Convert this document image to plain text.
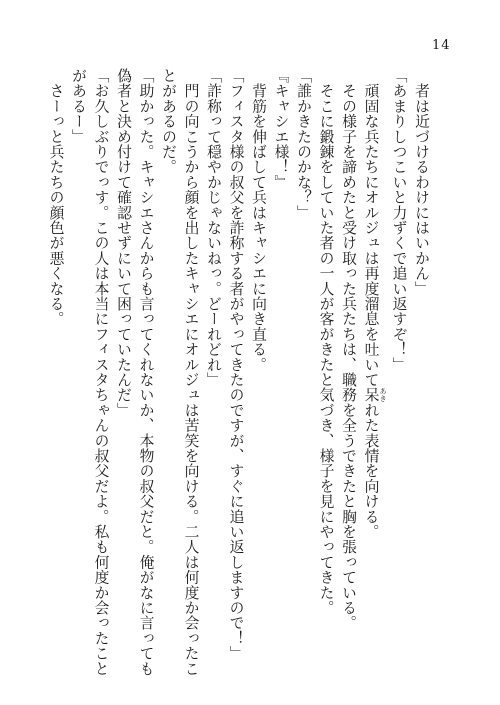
14
　者は近づけるわけにはいかん」
「あまりしつこいと力ずくで追い返すぞ！」
　頑固な兵たちにオルジュは再度溜息を吐いて呆 あきれた表情を向ける。
　その様子を諦めたと受け取った兵たちは、職務を全うできたと胸を張っている。
　そこに鍛錬をしていた者の一人が客がきたと気づき、様子を見にやってきた。
「誰かきたのかな？」
『キャシエ様！』
　背筋を伸ばして兵はキャシエに向き直る。
「フィスタ様の叔父を詐称する者がやってきたのですが、すぐに追い返しますので！」
「詐称って穏やかじゃないねっ。どーれどれ」
　門の向こうから顔を出したキャシエにオルジュは苦笑を向ける。二人は何度か会ったこ
とがあるのだ。
「助かった。キャシエさんからも言ってくれないか、本物の叔父だと。俺がなに言っても
偽者と決め付けて確認せずにいて困っていたんだ」
「お久しぶりでっす。この人は本当にフィスタちゃんの叔父だよ。私も何度か会ったこと
があるー」
　さーっと兵たちの顔色が悪くなる。
